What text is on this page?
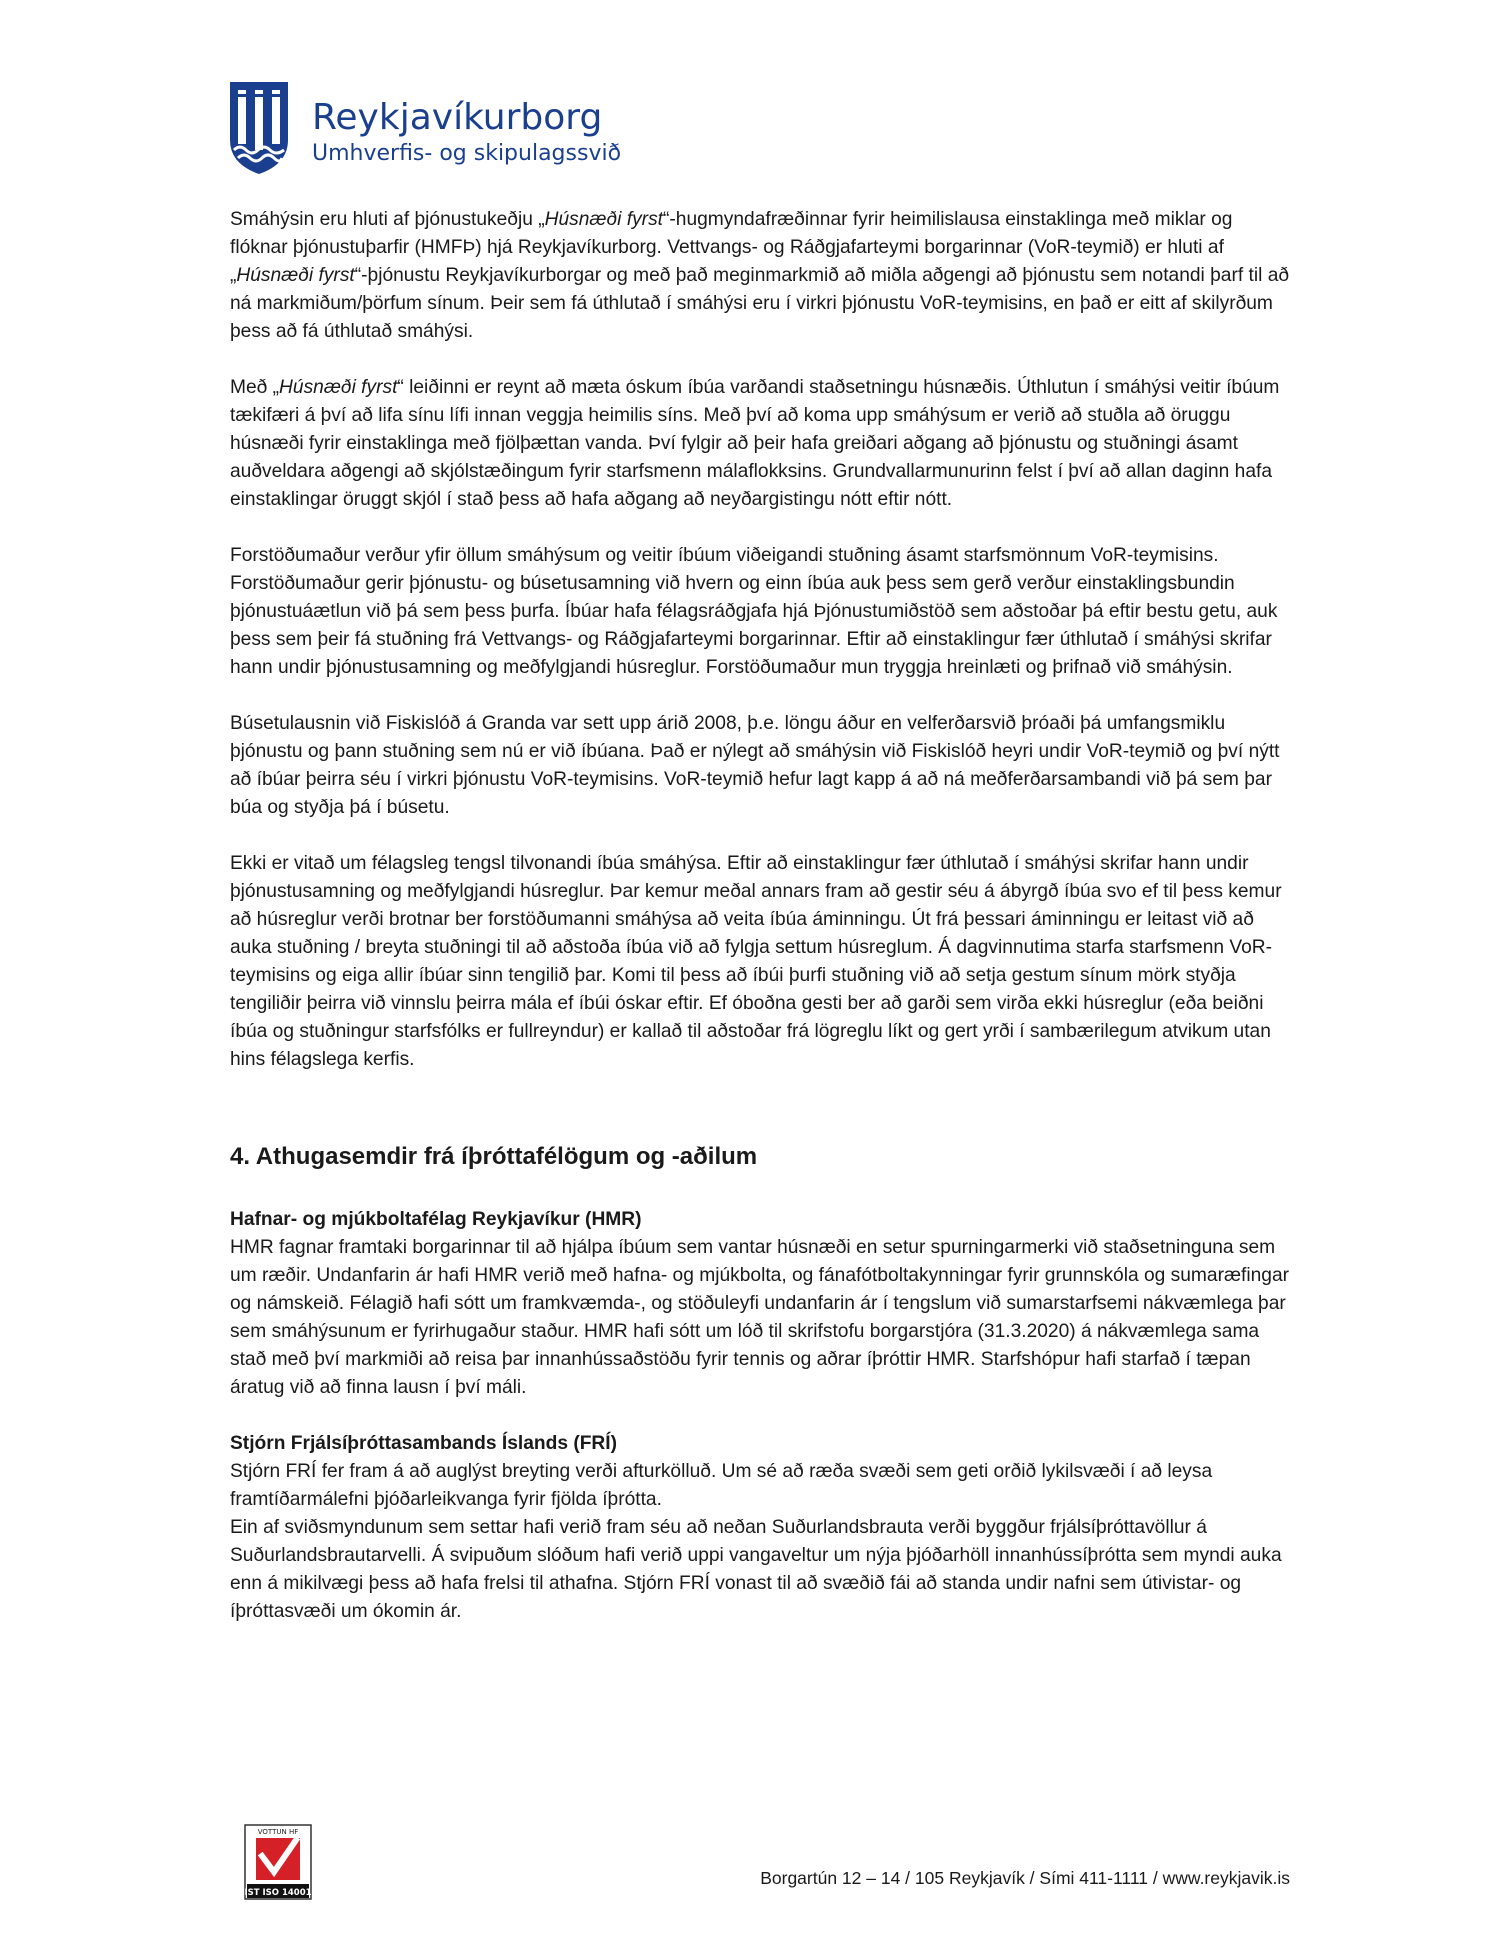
Reykjavíkurborg
Umhverfis- og skipulagssvið

Smáhýsin eru hluti af þjónustukeðju „Húsnæði fyrst“-hugmyndafræðinnar fyrir heimilislausa einstaklinga með miklar og flóknar þjónustuþarfir (HMFÞ) hjá Reykjavíkurborg. Vettvangs- og Ráðgjafarteymi borgarinnar (VoR-teymið) er hluti af „Húsnæði fyrst“-þjónustu Reykjavíkurborgar og með það meginmarkmið að miðla aðgengi að þjónustu sem notandi þarf til að ná markmiðum/þörfum sínum. Þeir sem fá úthlutað í smáhýsi eru í virkri þjónustu VoR-teymisins, en það er eitt af skilyrðum þess að fá úthlutað smáhýsi.

Með „Húsnæði fyrst“ leiðinni er reynt að mæta óskum íbúa varðandi staðsetningu húsnæðis. Úthlutun í smáhýsi veitir íbúum tækifæri á því að lifa sínu lífi innan veggja heimilis síns. Með því að koma upp smáhýsum er verið að stuðla að öruggu húsnæði fyrir einstaklinga með fjölþættan vanda. Því fylgir að þeir hafa greiðari aðgang að þjónustu og stuðningi ásamt auðveldara aðgengi að skjólstæðingum fyrir starfsmenn málaflokksins. Grundvallarmunurinn felst í því að allan daginn hafa einstaklingar öruggt skjól í stað þess að hafa aðgang að neyðargistingu nótt eftir nótt.

Forstöðumaður verður yfir öllum smáhýsum og veitir íbúum viðeigandi stuðning ásamt starfsmönnum VoR-teymisins. Forstöðumaður gerir þjónustu- og búsetusamning við hvern og einn íbúa auk þess sem gerð verður einstaklingsbundin þjónustuáætlun við þá sem þess þurfa. Íbúar hafa félagsráðgjafa hjá Þjónustumiðstöð sem aðstoðar þá eftir bestu getu, auk þess sem þeir fá stuðning frá Vettvangs- og Ráðgjafarteymi borgarinnar. Eftir að einstaklingur fær úthlutað í smáhýsi skrifar hann undir þjónustusamning og meðfylgjandi húsreglur. Forstöðumaður mun tryggja hreinlæti og þrifnað við smáhýsin.

Búsetulausnin við Fiskislóð á Granda var sett upp árið 2008, þ.e. löngu áður en velferðarsvið þróaði þá umfangsmiklu þjónustu og þann stuðning sem nú er við íbúana. Það er nýlegt að smáhýsin við Fiskislóð heyri undir VoR-teymið og því nýtt að íbúar þeirra séu í virkri þjónustu VoR-teymisins. VoR-teymið hefur lagt kapp á að ná meðferðarsambandi við þá sem þar búa og styðja þá í búsetu.

Ekki er vitað um félagsleg tengsl tilvonandi íbúa smáhýsa. Eftir að einstaklingur fær úthlutað í smáhýsi skrifar hann undir þjónustusamning og meðfylgjandi húsreglur. Þar kemur meðal annars fram að gestir séu á ábyrgð íbúa svo ef til þess kemur að húsreglur verði brotnar ber forstöðumanni smáhýsa að veita íbúa áminningu. Út frá þessari áminningu er leitast við að auka stuðning / breyta stuðningi til að aðstoða íbúa við að fylgja settum húsreglum. Á dagvinnutima starfa starfsmenn VoR-teymisins og eiga allir íbúar sinn tengilið þar. Komi til þess að íbúi þurfi stuðning við að setja gestum sínum mörk styðja tengiliðir þeirra við vinnslu þeirra mála ef íbúi óskar eftir. Ef óboðna gesti ber að garði sem virða ekki húsreglur (eða beiðni íbúa og stuðningur starfsfólks er fullreyndur) er kallað til aðstoðar frá lögreglu líkt og gert yrði í sambærilegum atvikum utan hins félagslega kerfis.

4. Athugasemdir frá íþróttafélögum og -aðilum

Hafnar- og mjúkboltafélag Reykjavíkur (HMR)

HMR fagnar framtaki borgarinnar til að hjálpa íbúum sem vantar húsnæði en setur spurningarmerki við staðsetninguna sem um ræðir. Undanfarin ár hafi HMR verið með hafna- og mjúkbolta, og fánafótboltakynningar fyrir grunnskóla og sumaræfingar og námskeið. Félagið hafi sótt um framkvæmda-, og stöðuleyfi undanfarin ár í tengslum við sumarstarfsemi nákvæmlega þar sem smáhýsunum er fyrirhugaður staður. HMR hafi sótt um lóð til skrifstofu borgarstjóra (31.3.2020) á nákvæmlega sama stað með því markmiði að reisa þar innanhússaðstöðu fyrir tennis og aðrar íþróttir HMR. Starfshópur hafi starfað í tæpan áratug við að finna lausn í því máli.

Stjórn Frjálsíþróttasambands Íslands (FRÍ)

Stjórn FRÍ fer fram á að auglýst breyting verði afturkölluð. Um sé að ræða svæði sem geti orðið lykilsvæði í að leysa framtíðarmálefni þjóðarleikvanga fyrir fjölda íþrótta.

Ein af sviðsmyndunum sem settar hafi verið fram séu að neðan Suðurlandsbrauta verði byggður frjálsíþróttavöllur á Suðurlandsbrautarvelli. Á svipuðum slóðum hafi verið uppi vangaveltur um nýja þjóðarhöll innanhússíþrótta sem myndi auka enn á mikilvægi þess að hafa frelsi til athafna. Stjórn FRÍ vonast til að svæðið fái að standa undir nafni sem útivistar- og íþróttasvæði um ókomin ár.

VOTTUN HF
IST ISO 14001
Borgartún 12 – 14 / 105 Reykjavík / Sími 411-1111 / www.reykjavik.is
